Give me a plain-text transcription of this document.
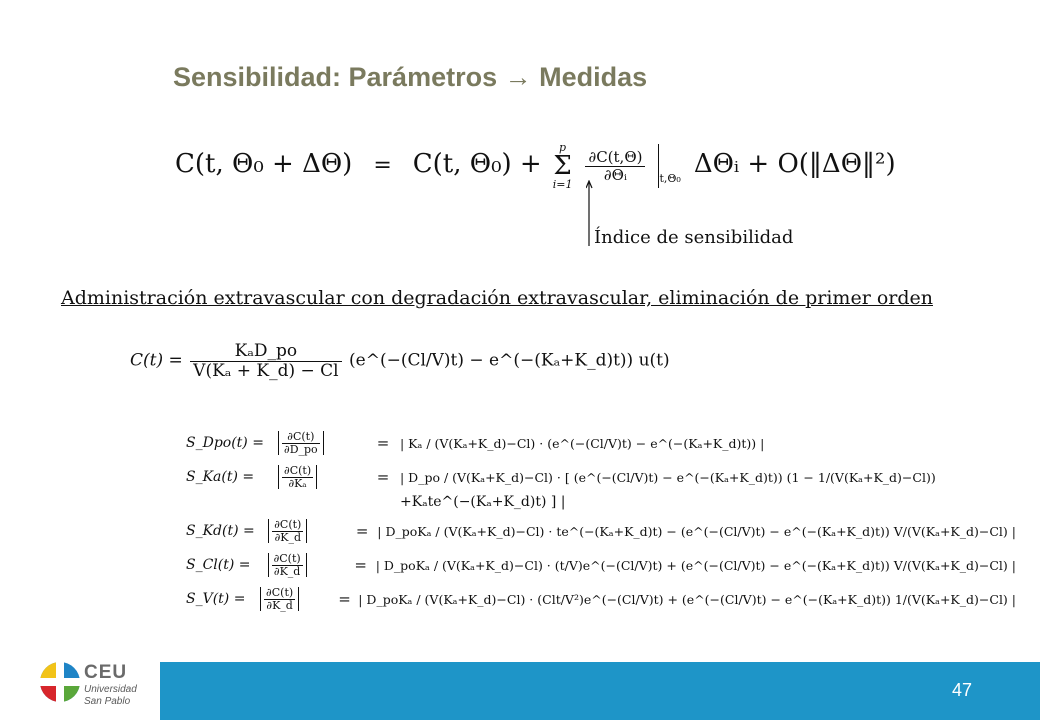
Sensibilidad: Parámetros → Medidas
C(t, Θ₀ + ΔΘ) = C(t, Θ₀) +
p
Σ
i=1

$\frac{\partial C(t,\Theta)}{\text{∂Θᵢ}} _{t,\Theta_0}$ ΔΘᵢ + O(‖ΔΘ‖²)
Índice de sensibilidad
Administración extravascular con degradación extravascular, eliminación de primer orden
$C(t) = \frac{\text{KₐD\_po}}{\text{V(Kₐ + K\_d) − Cl}}$ (e^(−(Cl/V)t) − e^(−(Kₐ+K_d)t)) u(t)
S_Dpo(t) =	$\frac{\partial C(t)}{\partial D\_po}$	= | Kₐ / (V(Kₐ+K_d)−Cl) · (e^(−(Cl/V)t) − e^(−(Kₐ+K_d)t)) |
S_Ka(t) =	$\frac{\partial C(t)}{\text{∂Kₐ}}$	= | D_po / (V(Kₐ+K_d)−Cl) · [ (e^(−(Cl/V)t) − e^(−(Kₐ+K_d)t)) (1 − 1/(V(Kₐ+K_d)−Cl))
+Kₐte^(−(Kₐ+K_d)t) ] |
S_Kd(t) =	$\frac{\partial C(t)}{\partial K\_d}$	= | D_poKₐ / (V(Kₐ+K_d)−Cl) · te^(−(Kₐ+K_d)t) − (e^(−(Cl/V)t) − e^(−(Kₐ+K_d)t)) V/(V(Kₐ+K_d)−Cl) |
S_Cl(t) =	$\frac{\partial C(t)}{\partial K\_d}$	= | D_poKₐ / (V(Kₐ+K_d)−Cl) · (t/V)e^(−(Cl/V)t) + (e^(−(Cl/V)t) − e^(−(Kₐ+K_d)t)) V/(V(Kₐ+K_d)−Cl) |
S_V(t) =	$\frac{\partial C(t)}{\partial K\_d}$	= | D_poKₐ / (V(Kₐ+K_d)−Cl) · (Clt/V²)e^(−(Cl/V)t) + (e^(−(Cl/V)t) − e^(−(Kₐ+K_d)t)) 1/(V(Kₐ+K_d)−Cl) |
CEU
Universidad
San Pablo
47
